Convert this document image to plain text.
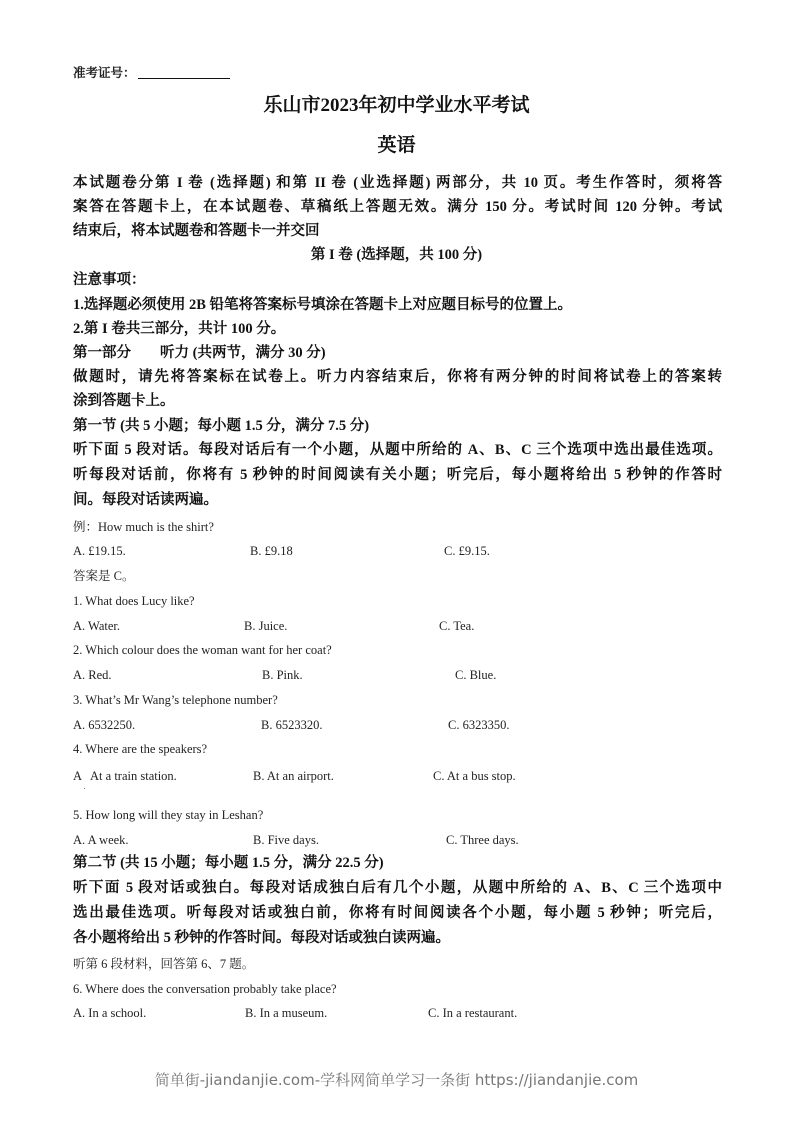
准考证号：
乐山市2023年初中学业水平考试
英语
本试题卷分第 I 卷 (选择题) 和第 II 卷 (业选择题) 两部分，共 10 页。考生作答时，须将答
案答在答题卡上，在本试题卷、草稿纸上答题无效。满分 150 分。考试时间 120 分钟。考试
结束后，将本试题卷和答题卡一并交回
第 I 卷 (选择题，共 100 分)
注意事项：
1.选择题必须使用 2B 铅笔将答案标号填涂在答题卡上对应题目标号的位置上。
2.第 I 卷共三部分，共计 100 分。
第一部分　　听力 (共两节，满分 30 分)
做题时，请先将答案标在试卷上。听力内容结束后，你将有两分钟的时间将试卷上的答案转
涂到答题卡上。
第一节 (共 5 小题；每小题 1.5 分，满分 7.5 分)
听下面 5 段对话。每段对话后有一个小题，从题中所给的 A、B、C 三个选项中选出最佳选项。
听每段对话前，你将有 5 秒钟的时间阅读有关小题；听完后，每小题将给出 5 秒钟的作答时
间。每段对话读两遍。
例：How much is the shirt?
A. £19.15.	B. £9.18	C. £9.15.
答案是 C。
1. What does Lucy like?
A. Water.	B. Juice.	C. Tea.
2. Which colour does the woman want for her coat?
A. Red.	B. Pink.	C. Blue.
3. What’s Mr Wang’s telephone number?
A. 6532250.	B. 6523320.	C. 6323350.
4. Where are the speakers?
A   At a train station.	B. At an airport.	C. At a bus stop.
5. How long will they stay in Leshan?
A. A week.	B. Five days.	C. Three days.
第二节 (共 15 小题；每小题 1.5 分，满分 22.5 分)
听下面 5 段对话或独白。每段对话成独白后有几个小题，从题中所给的 A、B、C 三个选项中
选出最佳选项。听每段对话或独白前，你将有时间阅读各个小题，每小题 5 秒钟；听完后，
各小题将给出 5 秒钟的作答时间。每段对话或独白读两遍。
听第 6 段材料，回答第 6、7 题。
6. Where does the conversation probably take place?
A. In a school.	B. In a museum.	C. In a restaurant.
简单街-jiandanjie.com-学科网简单学习一条街 https://jiandanjie.com
